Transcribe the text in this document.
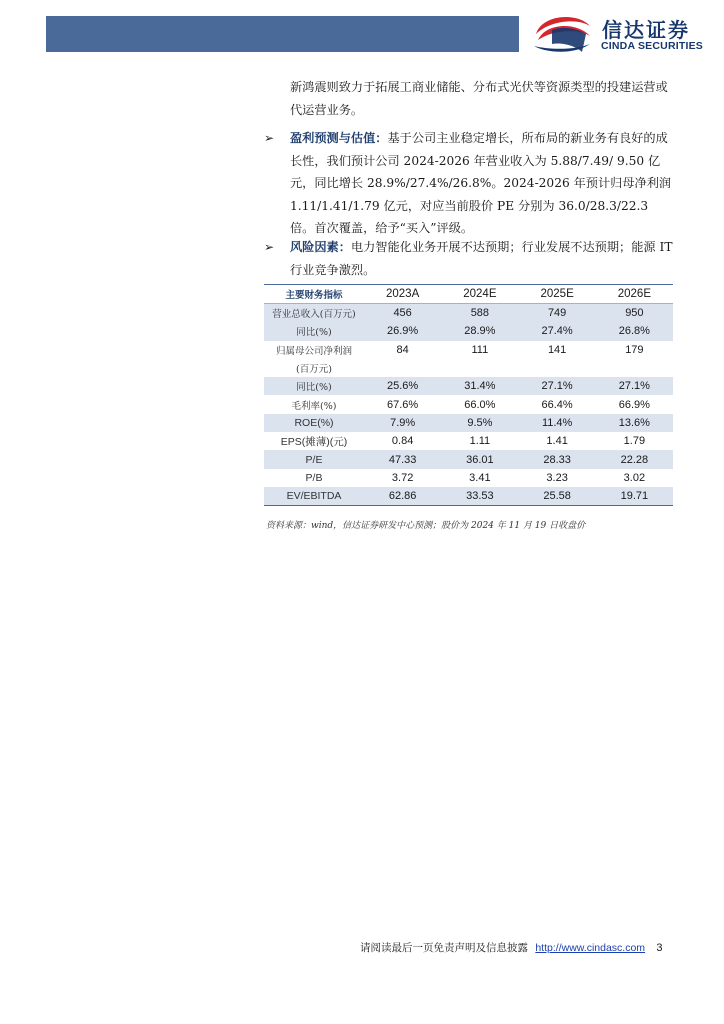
信达证券
CINDA SECURITIES
新鸿震则致力于拓展工商业储能、分布式光伏等资源类型的投建运营或代运营业务。
➢ 盈利预测与估值：基于公司主业稳定增长，所布局的新业务有良好的成长性，我们预计公司 2024-2026 年营业收入为 5.88/7.49/ 9.50 亿元，同比增长 28.9%/27.4%/26.8%。2024-2026 年预计归母净利润 1.11/1.41/1.79 亿元，对应当前股价 PE 分别为 36.0/28.3/22.3 倍。首次覆盖，给予“买入”评级。
➢ 风险因素：电力智能化业务开展不达预期；行业发展不达预期；能源 IT 行业竞争激烈。
主要财务指标	2023A	2024E	2025E	2026E
营业总收入(百万元)	456	588	749	950
同比(%)	26.9%	28.9%	27.4%	26.8%
归属母公司净利润	84	111	141	179
(百万元)				
同比(%)	25.6%	31.4%	27.1%	27.1%
毛利率(%)	67.6%	66.0%	66.4%	66.9%
ROE(%)	7.9%	9.5%	11.4%	13.6%
EPS(摊薄)(元)	0.84	1.11	1.41	1.79
P/E	47.33	36.01	28.33	22.28
P/B	3.72	3.41	3.23	3.02
EV/EBITDA	62.86	33.53	25.58	19.71
资料来源：wind，信达证券研发中心预测；股价为 2024 年 11 月 19 日收盘价
请阅读最后一页免责声明及信息披露 http://www.cindasc.com 3
